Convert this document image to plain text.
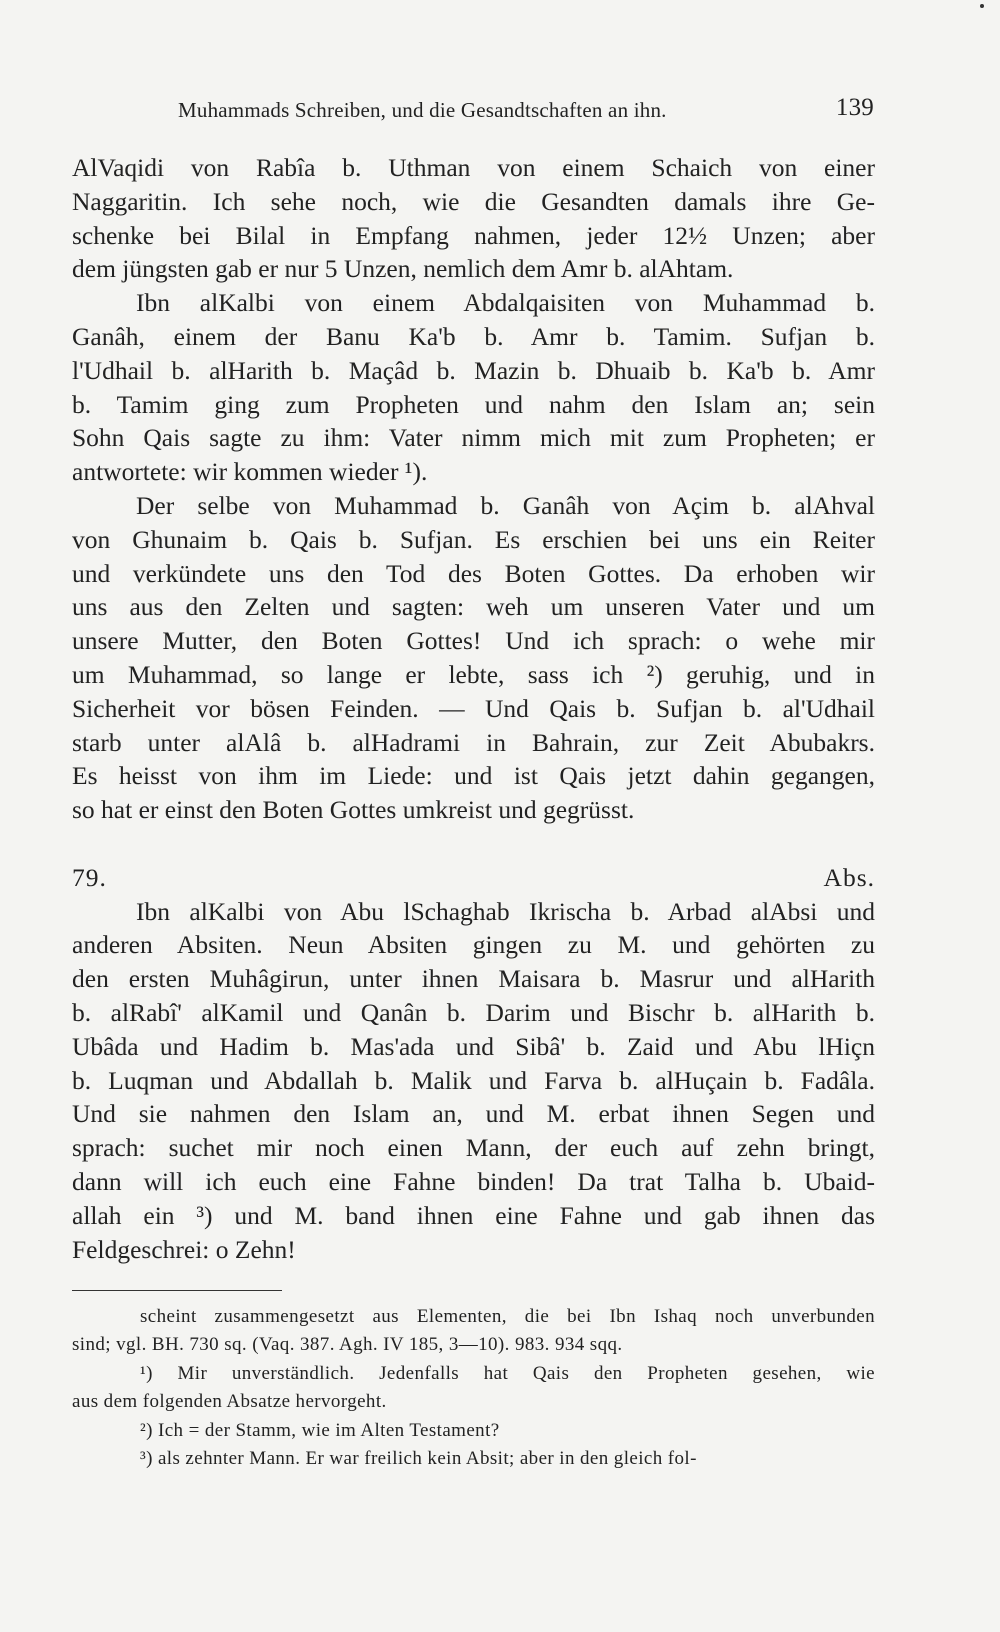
Muhammads Schreiben, und die Gesandtschaften an ihn.	139

AlVaqidi von Rabîa b. Uthman von einem Schaich von einer

Naggaritin. Ich sehe noch, wie die Gesandten damals ihre Ge-

schenke bei Bilal in Empfang nahmen, jeder 12½ Unzen; aber

dem jüngsten gab er nur 5 Unzen, nemlich dem Amr b. alAhtam.

Ibn alKalbi von einem Abdalqaisiten von Muhammad b.

Ganâh, einem der Banu Ka'b b. Amr b. Tamim. Sufjan b.

l'Udhail b. alHarith b. Maçâd b. Mazin b. Dhuaib b. Ka'b b. Amr

b. Tamim ging zum Propheten und nahm den Islam an; sein

Sohn Qais sagte zu ihm: Vater nimm mich mit zum Propheten; er

antwortete: wir kommen wieder ¹).

Der selbe von Muhammad b. Ganâh von Açim b. alAhval

von Ghunaim b. Qais b. Sufjan. Es erschien bei uns ein Reiter

und verkündete uns den Tod des Boten Gottes. Da erhoben wir

uns aus den Zelten und sagten: weh um unseren Vater und um

unsere Mutter, den Boten Gottes! Und ich sprach: o wehe mir

um Muhammad, so lange er lebte, sass ich ²) geruhig, und in

Sicherheit vor bösen Feinden. — Und Qais b. Sufjan b. al'Udhail

starb unter alAlâ b. alHadrami in Bahrain, zur Zeit Abubakrs.

Es heisst von ihm im Liede: und ist Qais jetzt dahin gegangen,

so hat er einst den Boten Gottes umkreist und gegrüsst.

79. Abs.

Ibn alKalbi von Abu lSchaghab Ikrischa b. Arbad alAbsi und

anderen Absiten. Neun Absiten gingen zu M. und gehörten zu

den ersten Muhâgirun, unter ihnen Maisara b. Masrur und alHarith

b. alRabî' alKamil und Qanân b. Darim und Bischr b. alHarith b.

Ubâda und Hadim b. Mas'ada und Sibâ' b. Zaid und Abu lHiçn

b. Luqman und Abdallah b. Malik und Farva b. alHuçain b. Fadâla.

Und sie nahmen den Islam an, und M. erbat ihnen Segen und

sprach: suchet mir noch einen Mann, der euch auf zehn bringt,

dann will ich euch eine Fahne binden! Da trat Talha b. Ubaid-

allah ein ³) und M. band ihnen eine Fahne und gab ihnen das

Feldgeschrei: o Zehn!

scheint zusammengesetzt aus Elementen, die bei Ibn Ishaq noch unverbunden

sind; vgl. BH. 730 sq. (Vaq. 387. Agh. IV 185, 3—10). 983. 934 sqq.

¹) Mir unverständlich. Jedenfalls hat Qais den Propheten gesehen, wie

aus dem folgenden Absatze hervorgeht.

²) Ich = der Stamm, wie im Alten Testament?

³) als zehnter Mann. Er war freilich kein Absit; aber in den gleich fol-
